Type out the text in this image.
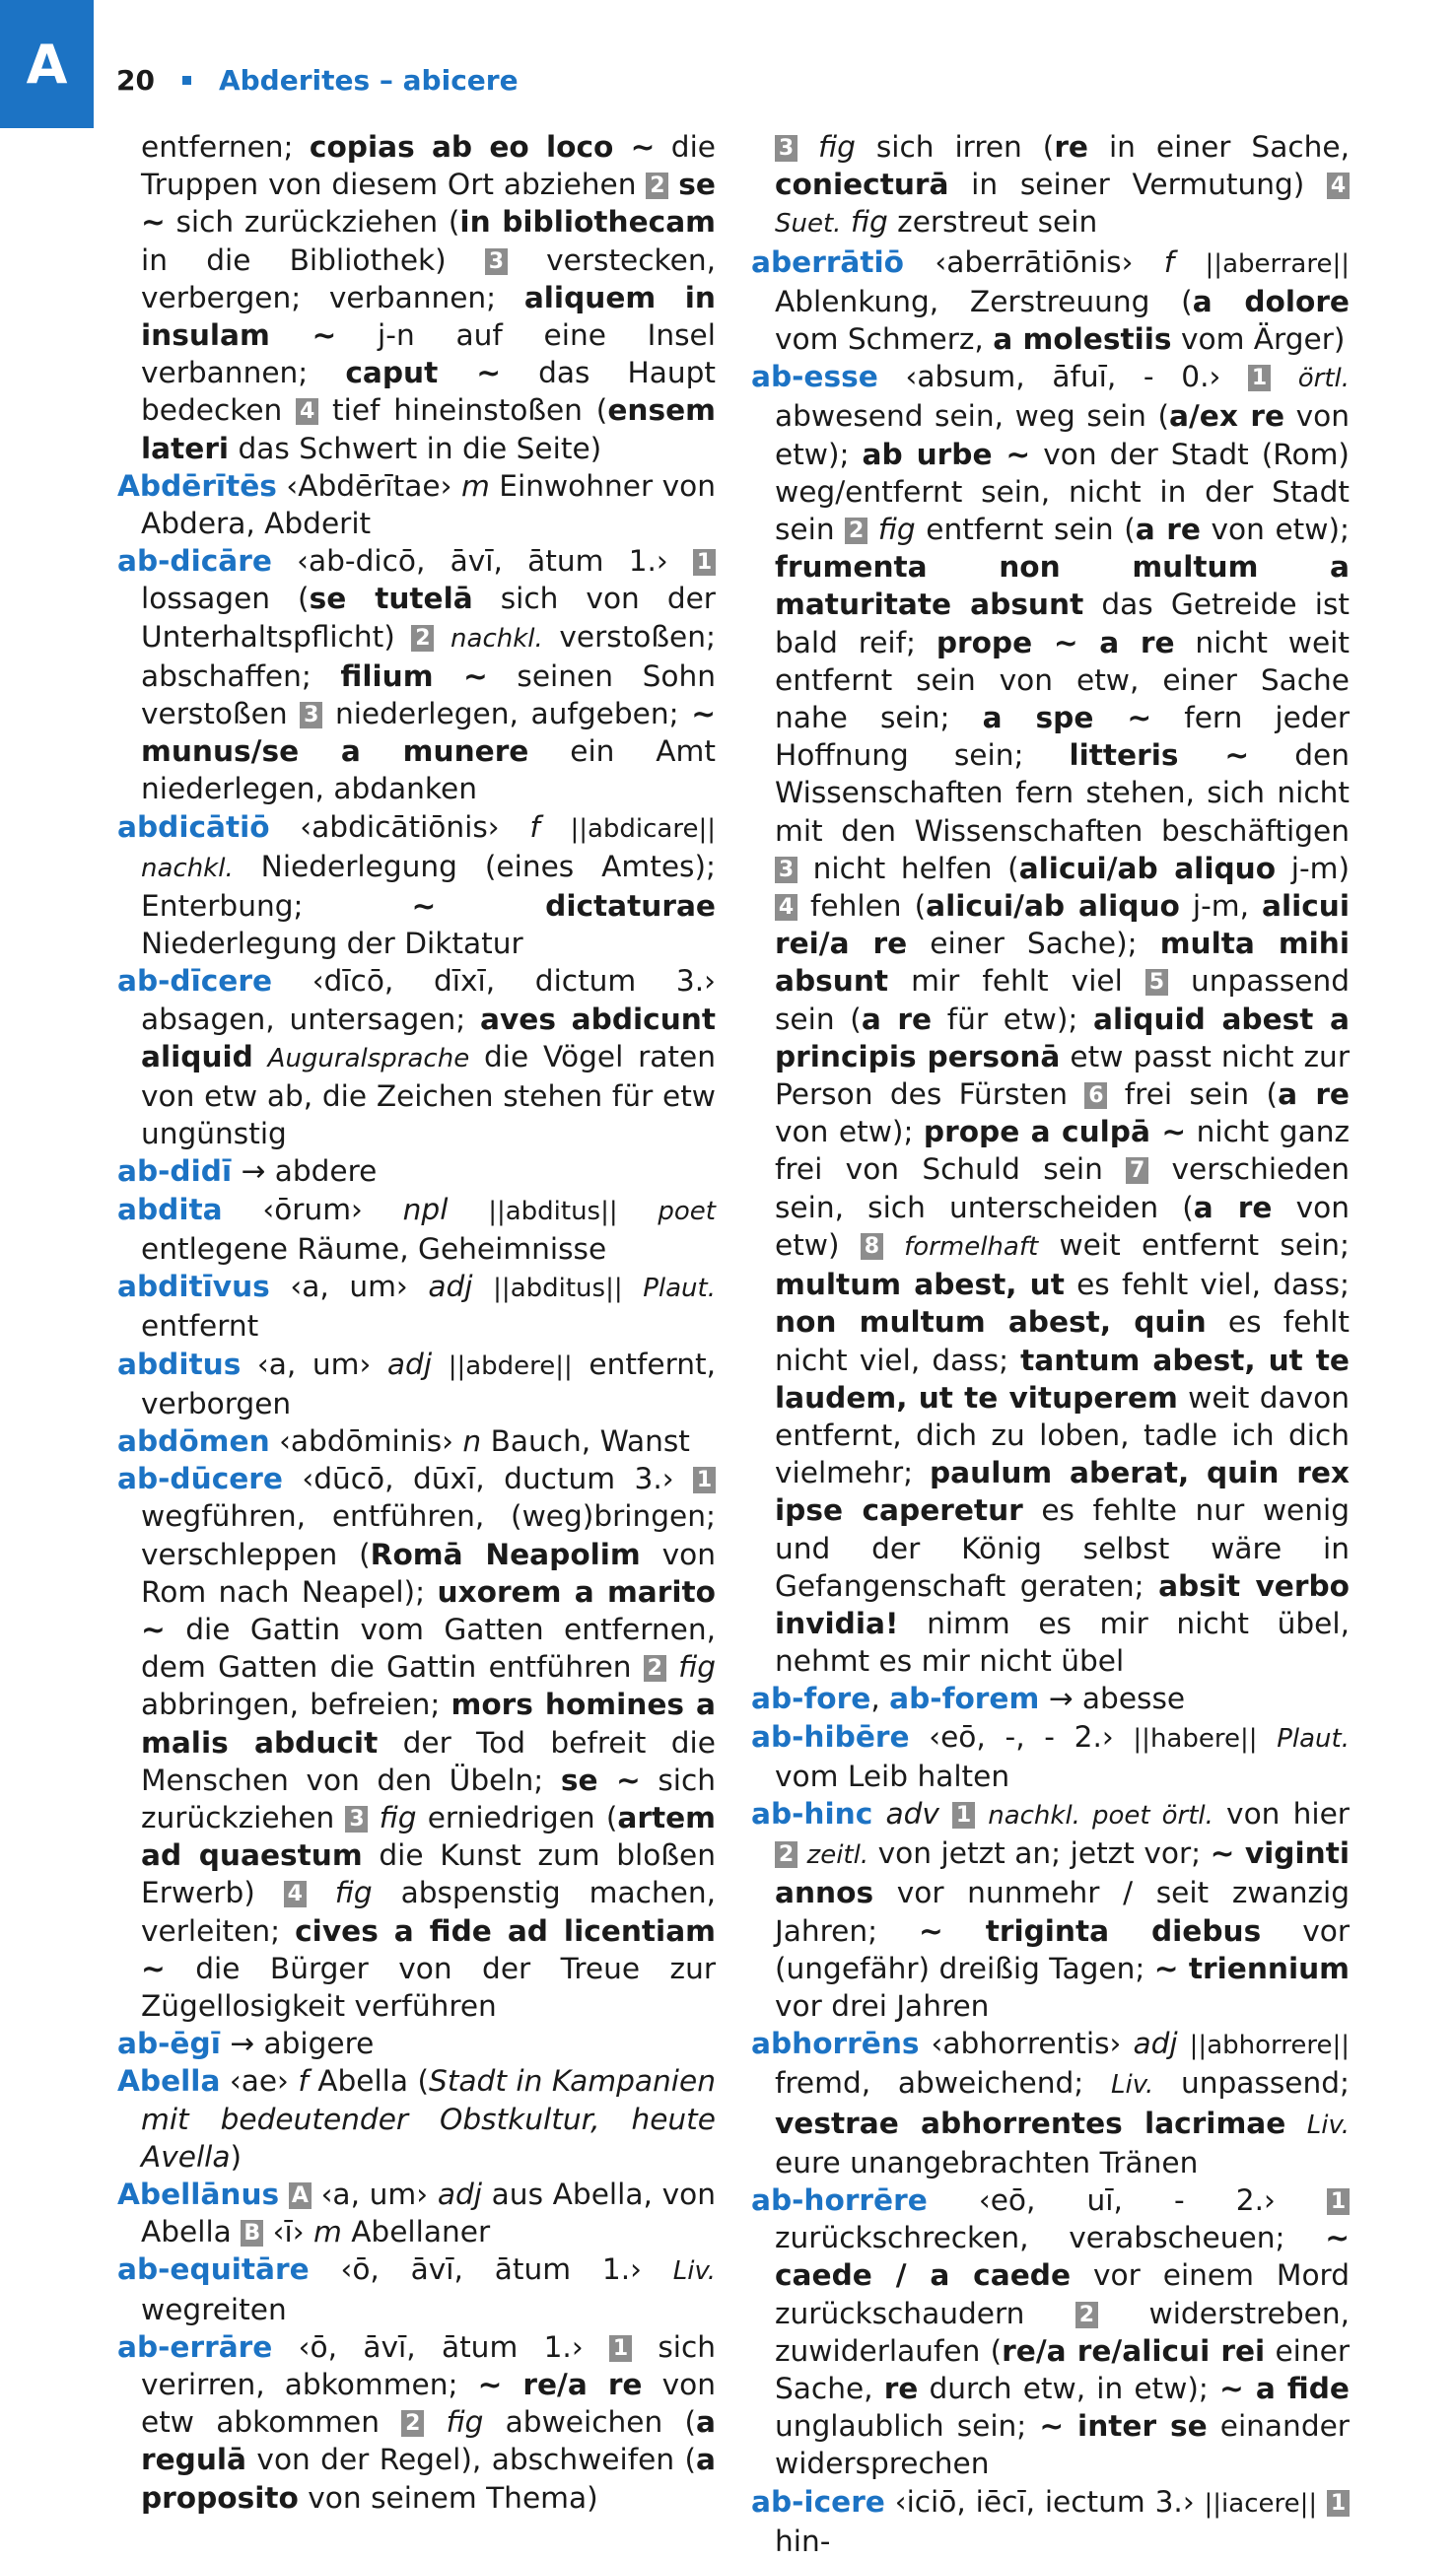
A	20 Abderites – abicere

entfernen; copias ab eo loco ~ die Truppen von diesem Ort abziehen 2 se ~ sich zurückziehen (in bibliothecam in die Bibliothek) 3 verstecken, verbergen; verbannen; aliquem in insulam ~ j-n auf eine Insel verbannen; caput ~ das Haupt bedecken 4 tief hineinstoßen (ensem lateri das Schwert in die Seite)

Abdērītēs ‹Abdērītae› m Einwohner von Abdera, Abderit

ab-dicāre ‹ab-dicō, āvī, ātum 1.› 1 lossagen (se tutelā sich von der Unterhaltspflicht) 2 nachkl. verstoßen; abschaffen; filium ~ seinen Sohn verstoßen 3 niederlegen, aufgeben; ~ munus/se a munere ein Amt niederlegen, abdanken

abdicātiō ‹abdicātiōnis› f ||abdicare|| nachkl. Niederlegung (eines Amtes); Enterbung; ~ dictaturae Niederlegung der Diktatur

ab-dīcere ‹dīcō, dīxī, dictum 3.› absagen, untersagen; aves abdicunt aliquid Auguralsprache die Vögel raten von etw ab, die Zeichen stehen für etw ungünstig

ab-didī → abdere

abdita ‹ōrum› npl ||abditus|| poet entlegene Räume, Geheimnisse

abditīvus ‹a, um› adj ||abditus|| Plaut. entfernt

abditus ‹a, um› adj ||abdere|| entfernt, verborgen

abdōmen ‹abdōminis› n Bauch, Wanst

ab-dūcere ‹dūcō, dūxī, ductum 3.› 1 wegführen, entführen, (weg)bringen; verschleppen (Romā Neapolim von Rom nach Neapel); uxorem a marito ~ die Gattin vom Gatten entfernen, dem Gatten die Gattin entführen 2 fig abbringen, befreien; mors homines a malis abducit der Tod befreit die Menschen von den Übeln; se ~ sich zurückziehen 3 fig erniedrigen (artem ad quaestum die Kunst zum bloßen Erwerb) 4 fig abspenstig machen, verleiten; cives a fide ad licentiam ~ die Bürger von der Treue zur Zügellosigkeit verführen

ab-ēgī → abigere

Abella ‹ae› f Abella (Stadt in Kampanien mit bedeutender Obstkultur, heute Avella)

Abellānus A ‹a, um› adj aus Abella, von Abella B ‹ī› m Abellaner

ab-equitāre ‹ō, āvī, ātum 1.› Liv. wegreiten

ab-errāre ‹ō, āvī, ātum 1.› 1 sich verirren, abkommen; ~ re/a re von etw abkommen 2 fig abweichen (a regulā von der Regel), abschweifen (a proposito von seinem Thema)

3 fig sich irren (re in einer Sache, coniecturā in seiner Vermutung) 4 Suet. fig zerstreut sein

aberrātiō ‹aberrātiōnis› f ||aberrare|| Ablenkung, Zerstreuung (a dolore vom Schmerz, a molestiis vom Ärger)

ab-esse ‹absum, āfuī, - 0.› 1 örtl. abwesend sein, weg sein (a/ex re von etw); ab urbe ~ von der Stadt (Rom) weg/entfernt sein, nicht in der Stadt sein 2 fig entfernt sein (a re von etw); frumenta non multum a maturitate absunt das Getreide ist bald reif; prope ~ a re nicht weit entfernt sein von etw, einer Sache nahe sein; a spe ~ fern jeder Hoffnung sein; litteris ~ den Wissenschaften fern stehen, sich nicht mit den Wissenschaften beschäftigen 3 nicht helfen (alicui/ab aliquo j-m) 4 fehlen (alicui/ab aliquo j-m, alicui rei/a re einer Sache); multa mihi absunt mir fehlt viel 5 unpassend sein (a re für etw); aliquid abest a principis personā etw passt nicht zur Person des Fürsten 6 frei sein (a re von etw); prope a culpā ~ nicht ganz frei von Schuld sein 7 verschieden sein, sich unterscheiden (a re von etw) 8 formelhaft weit entfernt sein; multum abest, ut es fehlt viel, dass; non multum abest, quin es fehlt nicht viel, dass; tantum abest, ut te laudem, ut te vituperem weit davon entfernt, dich zu loben, tadle ich dich vielmehr; paulum aberat, quin rex ipse caperetur es fehlte nur wenig und der König selbst wäre in Gefangenschaft geraten; absit verbo invidia! nimm es mir nicht übel, nehmt es mir nicht übel

ab-fore, ab-forem → abesse

ab-hibēre ‹eō, -, - 2.› ||habere|| Plaut. vom Leib halten

ab-hinc adv 1 nachkl. poet örtl. von hier 2 zeitl. von jetzt an; jetzt vor; ~ viginti annos vor nunmehr / seit zwanzig Jahren; ~ triginta diebus vor (ungefähr) dreißig Tagen; ~ triennium vor drei Jahren

abhorrēns ‹abhorrentis› adj ||abhorrere|| fremd, abweichend; Liv. unpassend; vestrae abhorrentes lacrimae Liv. eure unangebrachten Tränen

ab-horrēre ‹eō, uī, - 2.› 1 zurückschrecken, verabscheuen; ~ caede / a caede vor einem Mord zurückschaudern 2 widerstreben, zuwiderlaufen (re/a re/alicui rei einer Sache, re durch etw, in etw); ~ a fide unglaublich sein; ~ inter se einander widersprechen

ab-icere ‹iciō, iēcī, iectum 3.› ||iacere|| 1 hin-
